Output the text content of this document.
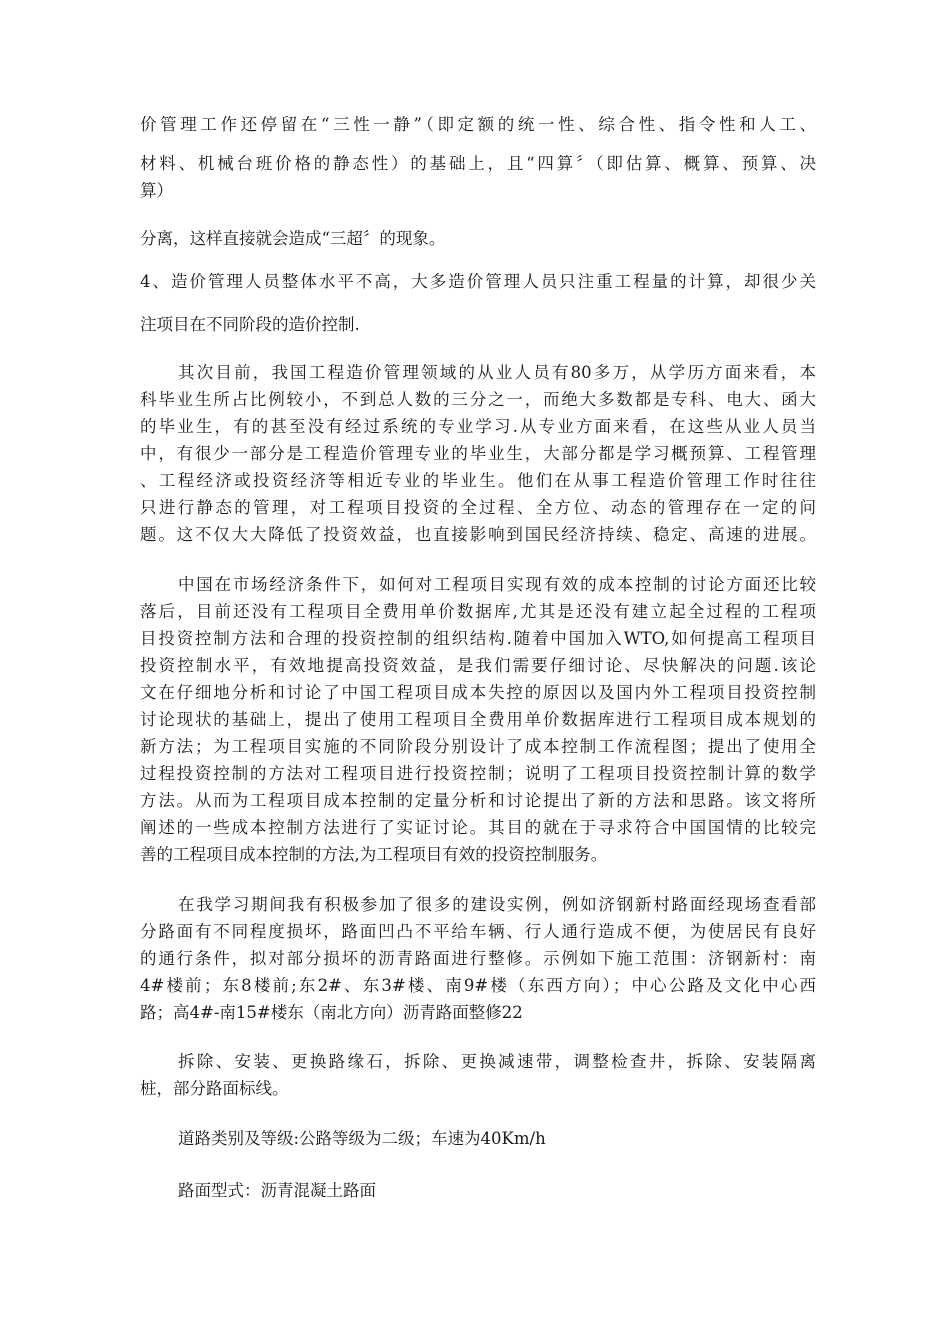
价管理工作还停留在“三性一静”（即定额的统一性、综合性、指令性和人工、
材料、机械台班价格的静态性）的基础上，且“四算〞（即估算、概算、预算、决
算）
分离，这样直接就会造成“三超〞的现象。
4、造价管理人员整体水平不高，大多造价管理人员只注重工程量的计算，却很少关
注项目在不同阶段的造价控制.
其次目前，我国工程造价管理领域的从业人员有80多万，从学历方面来看，本
科毕业生所占比例较小，不到总人数的三分之一，而绝大多数都是专科、电大、函大
的毕业生，有的甚至没有经过系统的专业学习.从专业方面来看，在这些从业人员当
中，有很少一部分是工程造价管理专业的毕业生，大部分都是学习概预算、工程管理
、工程经济或投资经济等相近专业的毕业生。他们在从事工程造价管理工作时往往
只进行静态的管理，对工程项目投资的全过程、全方位、动态的管理存在一定的问
题。这不仅大大降低了投资效益，也直接影响到国民经济持续、稳定、高速的进展。
中国在市场经济条件下，如何对工程项目实现有效的成本控制的讨论方面还比较
落后，目前还没有工程项目全费用单价数据库,尤其是还没有建立起全过程的工程项
目投资控制方法和合理的投资控制的组织结构.随着中国加入WTO,如何提高工程项目
投资控制水平，有效地提高投资效益，是我们需要仔细讨论、尽快解决的问题.该论
文在仔细地分析和讨论了中国工程项目成本失控的原因以及国内外工程项目投资控制
讨论现状的基础上，提出了使用工程项目全费用单价数据库进行工程项目成本规划的
新方法；为工程项目实施的不同阶段分别设计了成本控制工作流程图；提出了使用全
过程投资控制的方法对工程项目进行投资控制；说明了工程项目投资控制计算的数学
方法。从而为工程项目成本控制的定量分析和讨论提出了新的方法和思路。该文将所
阐述的一些成本控制方法进行了实证讨论。其目的就在于寻求符合中国国情的比较完
善的工程项目成本控制的方法,为工程项目有效的投资控制服务。
在我学习期间我有积极参加了很多的建设实例，例如济钢新村路面经现场查看部
分路面有不同程度损坏，路面凹凸不平给车辆、行人通行造成不便，为使居民有良好
的通行条件，拟对部分损坏的沥青路面进行整修。示例如下施工范围：济钢新村：南
4#楼前；东8楼前;东2#、东3#楼、南9#楼（东西方向）；中心公路及文化中心西
路；高4#-南15#楼东（南北方向）沥青路面整修22
拆除、安装、更换路缘石，拆除、更换减速带，调整检查井，拆除、安装隔离
桩，部分路面标线。
道路类别及等级:公路等级为二级；车速为40Km/h
路面型式：沥青混凝土路面
